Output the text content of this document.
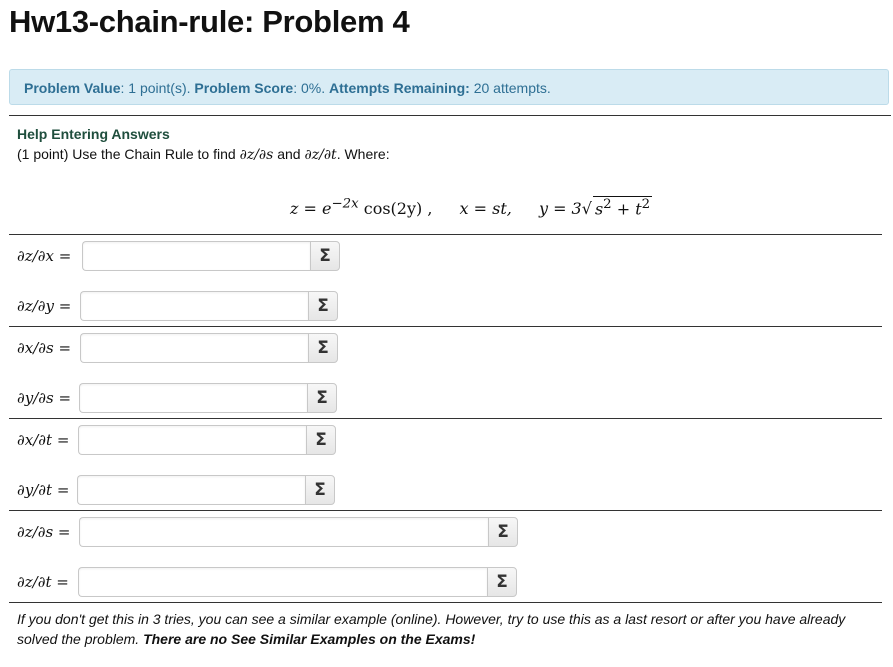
Hw13-chain-rule: Problem 4
Problem Value: 1 point(s). Problem Score: 0%. Attempts Remaining: 20 attempts.
Help Entering Answers
(1 point) Use the Chain Rule to find ∂z/∂s and ∂z/∂t. Where:
$z = e^{-2x}$ cos(2y) , x = st, y = 3√ $s^2 + t^2$
∂z/∂x =	Σ
∂z/∂y =	Σ
∂x/∂s =	Σ
∂y/∂s =	Σ
∂x/∂t =	Σ
∂y/∂t =	Σ
∂z/∂s =	Σ
∂z/∂t =	Σ
If you don't get this in 3 tries, you can see a similar example (online). However, try to use this as a last resort or after you have already solved the problem. There are no See Similar Examples on the Exams!
